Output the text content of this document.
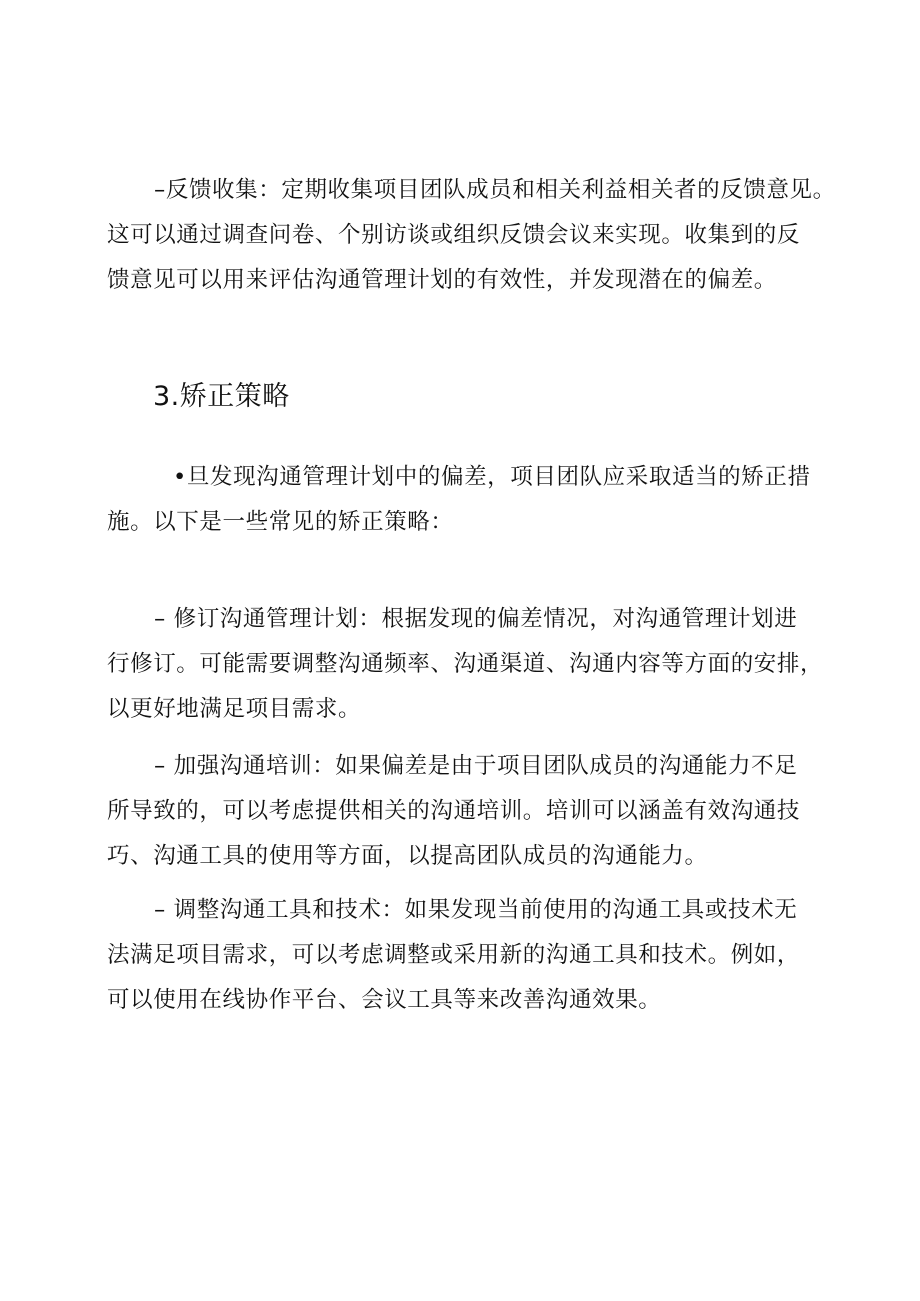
–反馈收集：定期收集项目团队成员和相关利益相关者的反馈意见。
这可以通过调查问卷、个别访谈或组织反馈会议来实现。收集到的反
馈意见可以用来评估沟通管理计划的有效性，并发现潜在的偏差。

3.矫正策略

•旦发现沟通管理计划中的偏差，项目团队应采取适当的矫正措
施。以下是一些常见的矫正策略：

– 修订沟通管理计划：根据发现的偏差情况，对沟通管理计划进
行修订。可能需要调整沟通频率、沟通渠道、沟通内容等方面的安排，
以更好地满足项目需求。

– 加强沟通培训：如果偏差是由于项目团队成员的沟通能力不足
所导致的，可以考虑提供相关的沟通培训。培训可以涵盖有效沟通技
巧、沟通工具的使用等方面，以提高团队成员的沟通能力。

– 调整沟通工具和技术：如果发现当前使用的沟通工具或技术无
法满足项目需求，可以考虑调整或采用新的沟通工具和技术。例如，
可以使用在线协作平台、会议工具等来改善沟通效果。
